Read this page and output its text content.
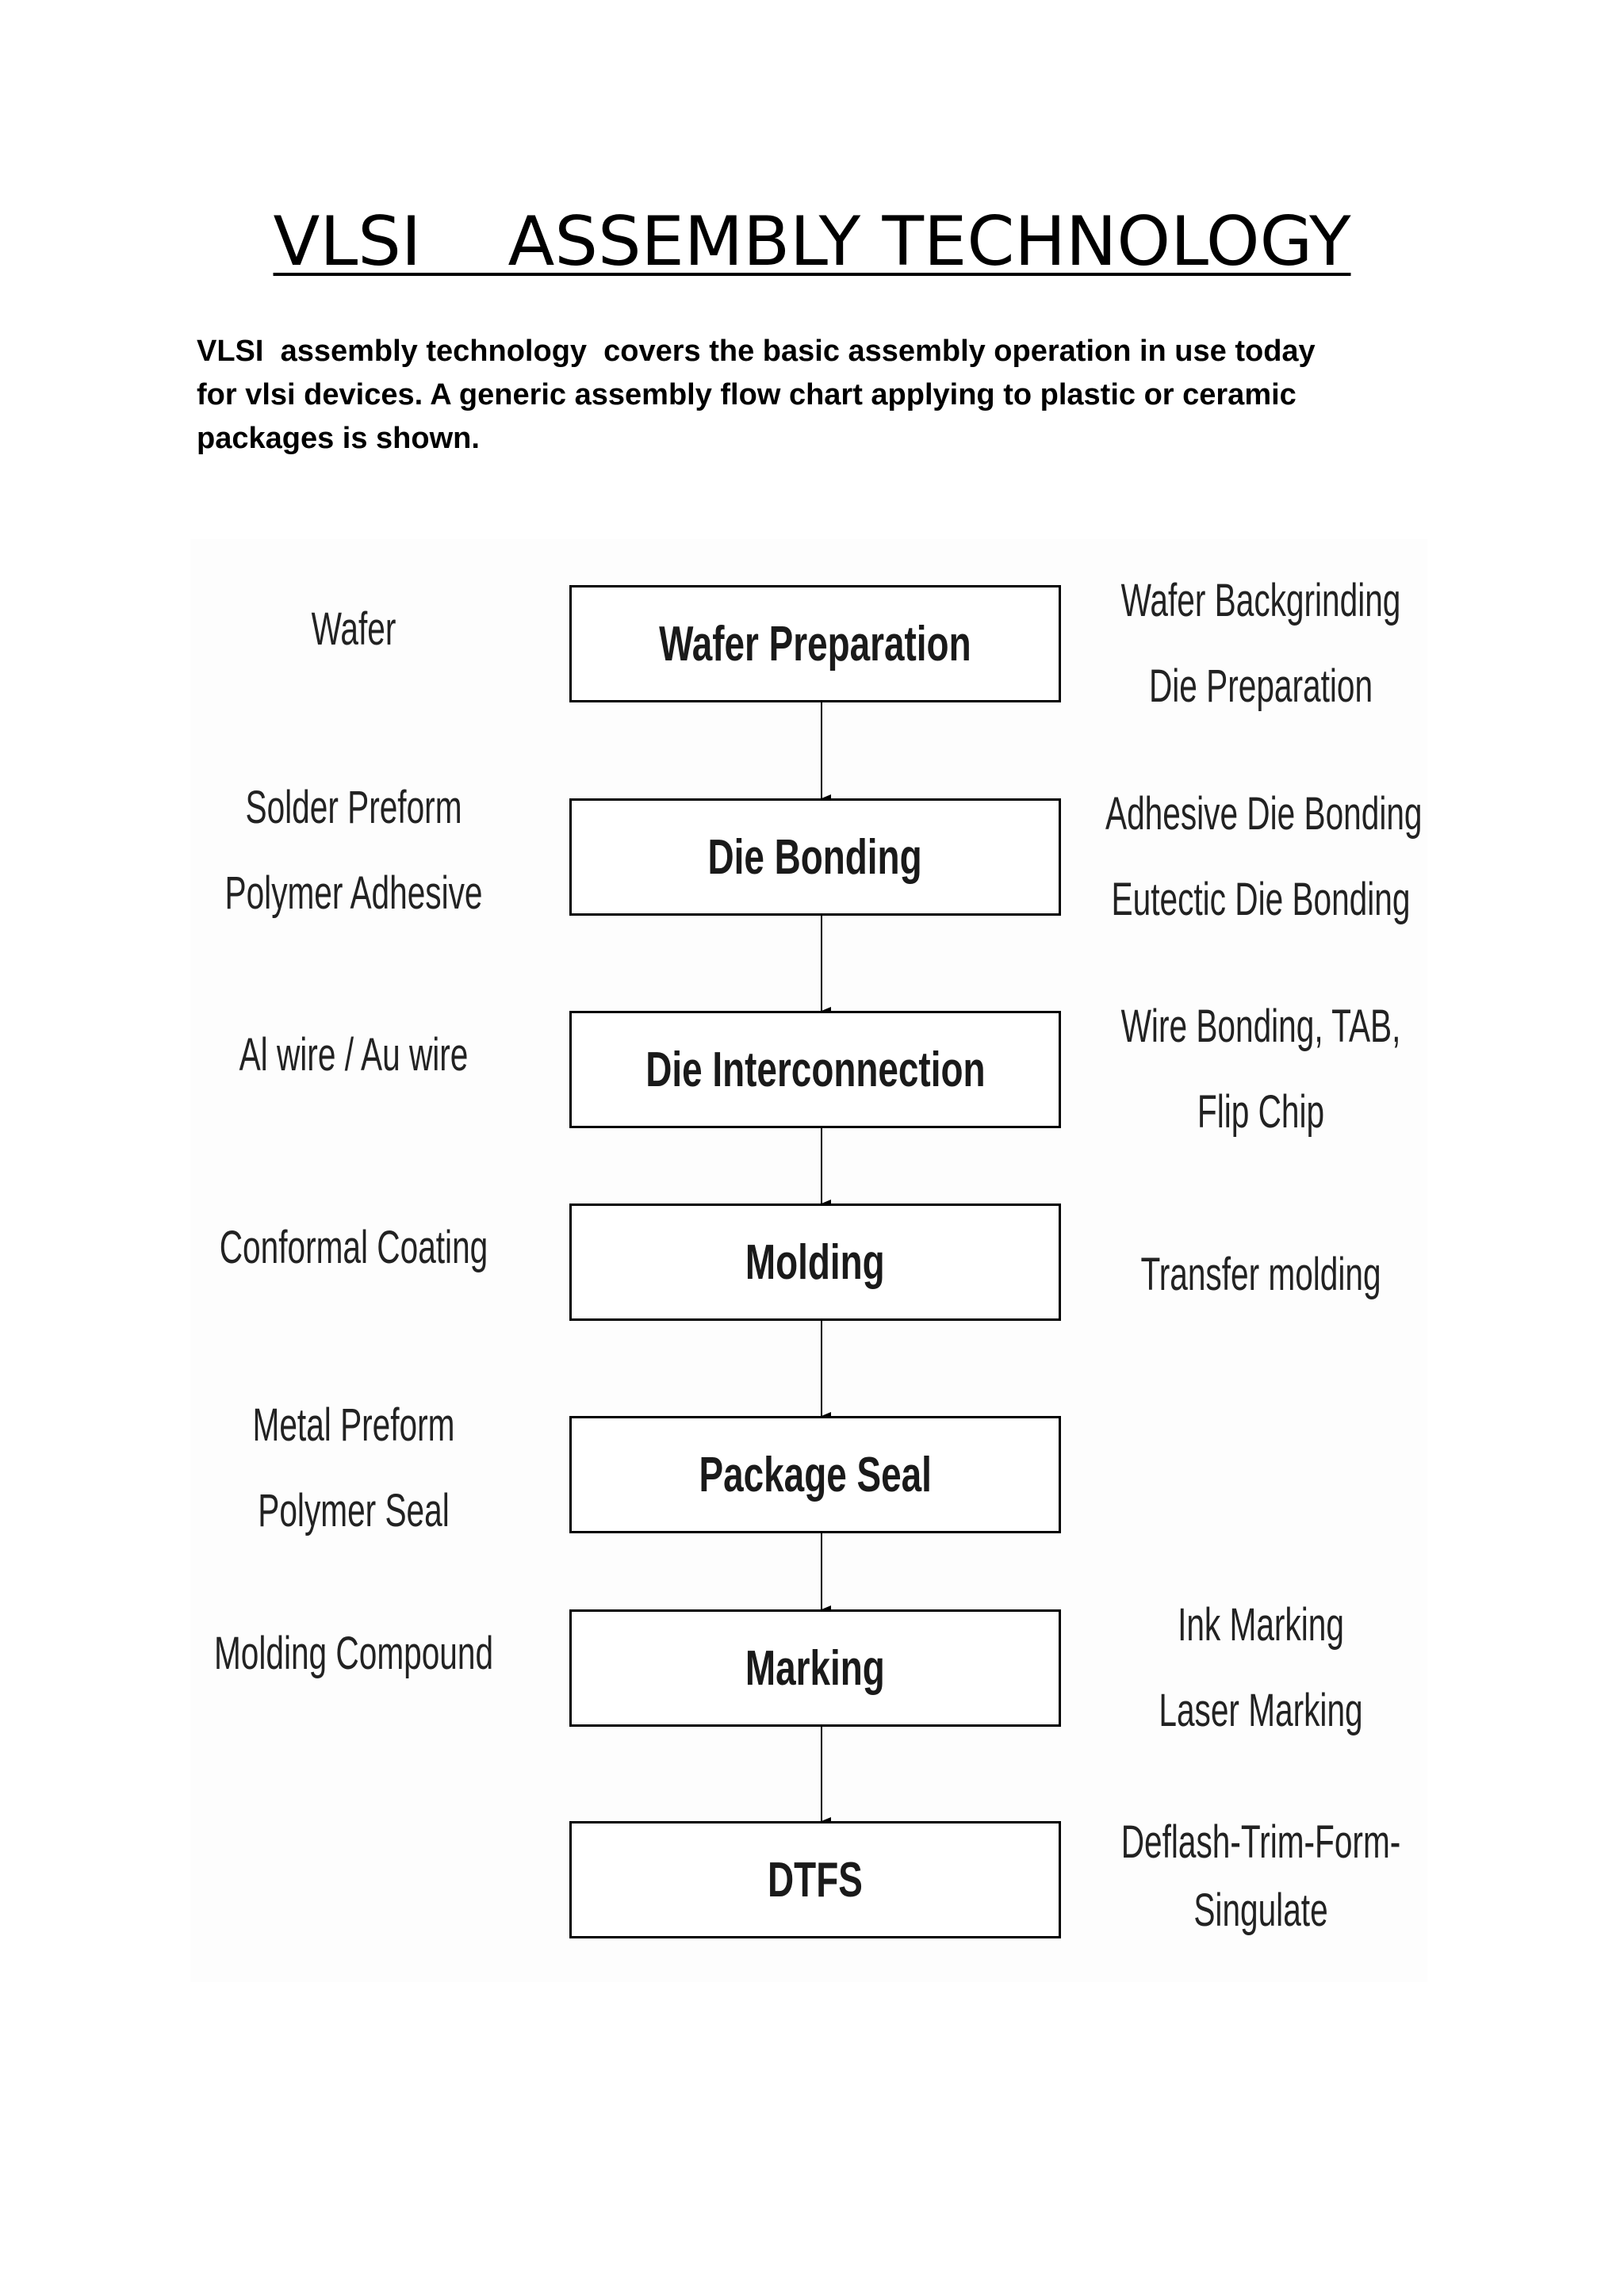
VLSI    ASSEMBLY TECHNOLOGY
VLSI  assembly technology  covers the basic assembly operation in use today
for vlsi devices. A generic assembly flow chart applying to plastic or ceramic
packages is shown.
Wafer Preparation
Wafer
Wafer Backgrinding
Die Preparation
Die Bonding
Solder Preform
Polymer Adhesive
Adhesive Die Bonding
Eutectic Die Bonding
Die Interconnection
Al wire / Au wire
Wire Bonding, TAB,
Flip Chip
Molding
Conformal Coating
Transfer molding
Package Seal
Metal Preform
Polymer Seal
Marking
Molding Compound
Ink Marking
Laser Marking
DTFS
Deflash-Trim-Form-
Singulate
